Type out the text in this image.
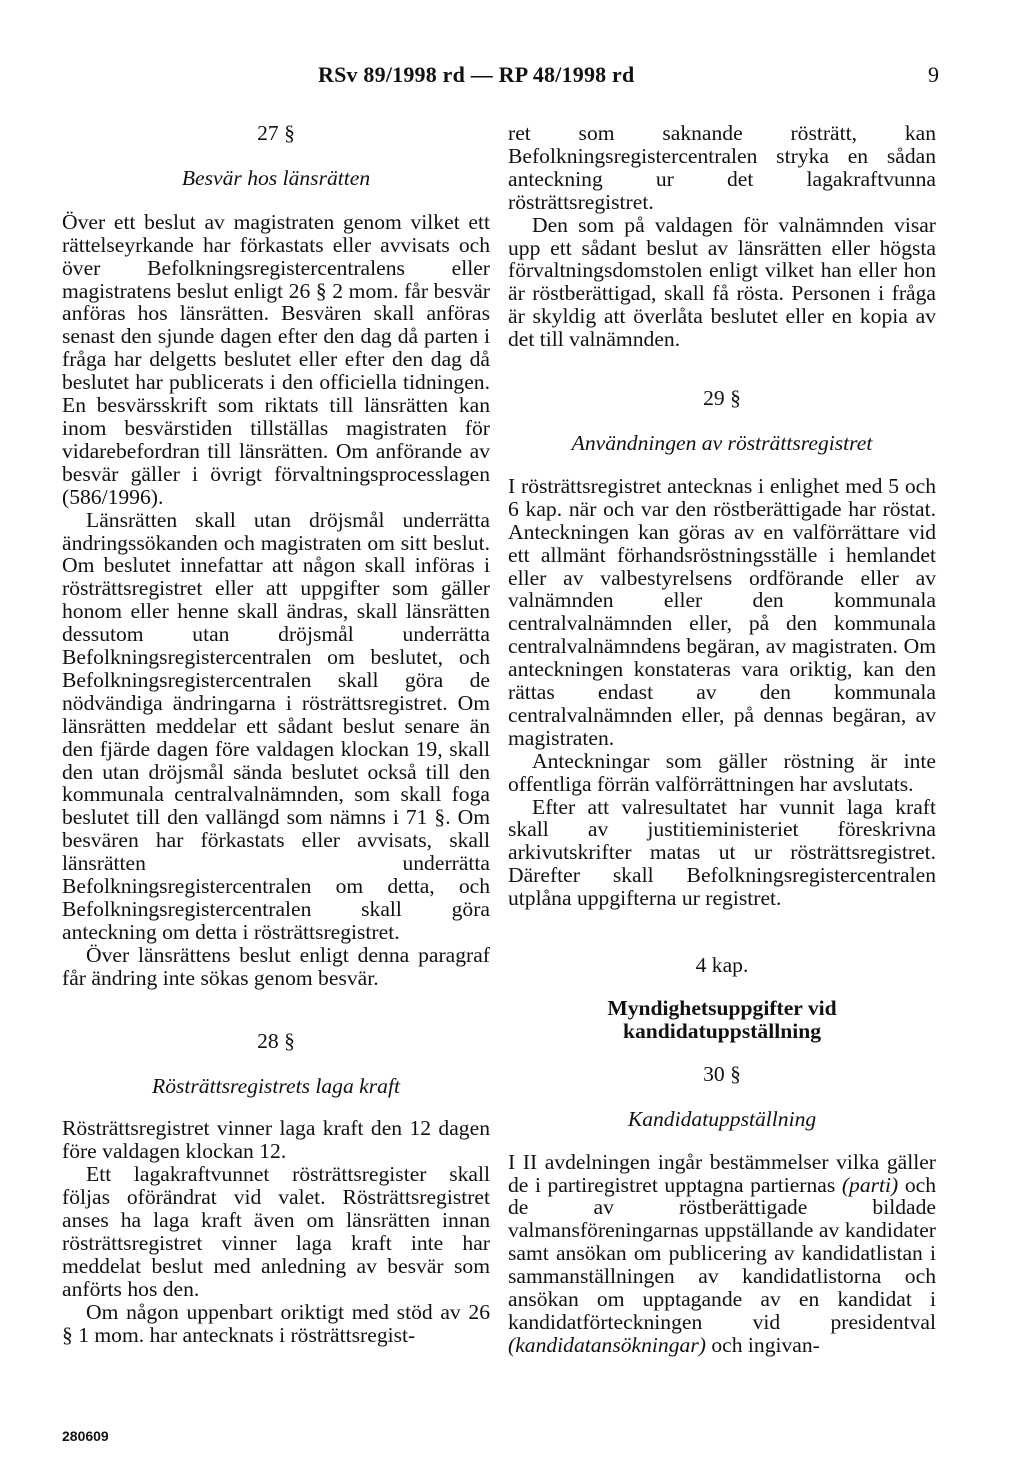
RSv 89/1998 rd — RP 48/1998 rd	9
27 §
Besvär hos länsrätten

Över ett beslut av magistraten genom vilket ett rättelseyrkande har förkastats eller avvisats och över Befolkningsregistercentralens eller magistratens beslut enligt 26 § 2 mom. får besvär anföras hos länsrätten. Besvären skall anföras senast den sjunde dagen efter den dag då parten i fråga har delgetts beslutet eller efter den dag då beslutet har publicerats i den officiella tidningen. En besvärsskrift som riktats till länsrätten kan inom besvärstiden tillställas magistraten för vidarebefordran till länsrätten. Om anförande av besvär gäller i övrigt förvaltningsprocesslagen (586/1996).

Länsrätten skall utan dröjsmål underrätta ändringssökanden och magistraten om sitt beslut. Om beslutet innefattar att någon skall införas i rösträttsregistret eller att uppgifter som gäller honom eller henne skall ändras, skall länsrätten dessutom utan dröjsmål underrätta Befolkningsregistercentralen om beslutet, och Befolkningsregistercentralen skall göra de nödvändiga ändringarna i rösträttsregistret. Om länsrätten meddelar ett sådant beslut senare än den fjärde dagen före valdagen klockan 19, skall den utan dröjsmål sända beslutet också till den kommunala centralvalnämnden, som skall foga beslutet till den vallängd som nämns i 71 §. Om besvären har förkastats eller avvisats, skall länsrätten underrätta Befolkningsregistercentralen om detta, och Befolkningsregistercentralen skall göra anteckning om detta i rösträttsregistret.

Över länsrättens beslut enligt denna paragraf får ändring inte sökas genom besvär.

28 §
Rösträttsregistrets laga kraft

Rösträttsregistret vinner laga kraft den 12 dagen före valdagen klockan 12.

Ett lagakraftvunnet rösträttsregister skall följas oförändrat vid valet. Rösträttsregistret anses ha laga kraft även om länsrätten innan rösträttsregistret vinner laga kraft inte har meddelat beslut med anledning av besvär som anförts hos den.

Om någon uppenbart oriktigt med stöd av 26 § 1 mom. har antecknats i rösträttsregist-

ret som saknande rösträtt, kan Befolkningsregistercentralen stryka en sådan anteckning ur det lagakraftvunna rösträttsregistret.

Den som på valdagen för valnämnden visar upp ett sådant beslut av länsrätten eller högsta förvaltningsdomstolen enligt vilket han eller hon är röstberättigad, skall få rösta. Personen i fråga är skyldig att överlåta beslutet eller en kopia av det till valnämnden.

29 §
Användningen av rösträttsregistret

I rösträttsregistret antecknas i enlighet med 5 och 6 kap. när och var den röstberättigade har röstat. Anteckningen kan göras av en valförrättare vid ett allmänt förhandsröstningsställe i hemlandet eller av valbestyrelsens ordförande eller av valnämnden eller den kommunala centralvalnämnden eller, på den kommunala centralvalnämndens begäran, av magistraten. Om anteckningen konstateras vara oriktig, kan den rättas endast av den kommunala centralvalnämnden eller, på dennas begäran, av magistraten.

Anteckningar som gäller röstning är inte offentliga förrän valförrättningen har avslutats.

Efter att valresultatet har vunnit laga kraft skall av justitieministeriet föreskrivna arkivutskrifter matas ut ur rösträttsregistret. Därefter skall Befolkningsregistercentralen utplåna uppgifterna ur registret.

4 kap.
Myndighetsuppgifter vid
kandidatuppställning
30 §
Kandidatuppställning

I II avdelningen ingår bestämmelser vilka gäller de i partiregistret upptagna partiernas (parti) och de av röstberättigade bildade valmansföreningarnas uppställande av kandidater samt ansökan om publicering av kandidatlistan i sammanställningen av kandidatlistorna och ansökan om upptagande av en kandidat i kandidatförteckningen vid presidentval (kandidatansökningar) och ingivan-

280609
